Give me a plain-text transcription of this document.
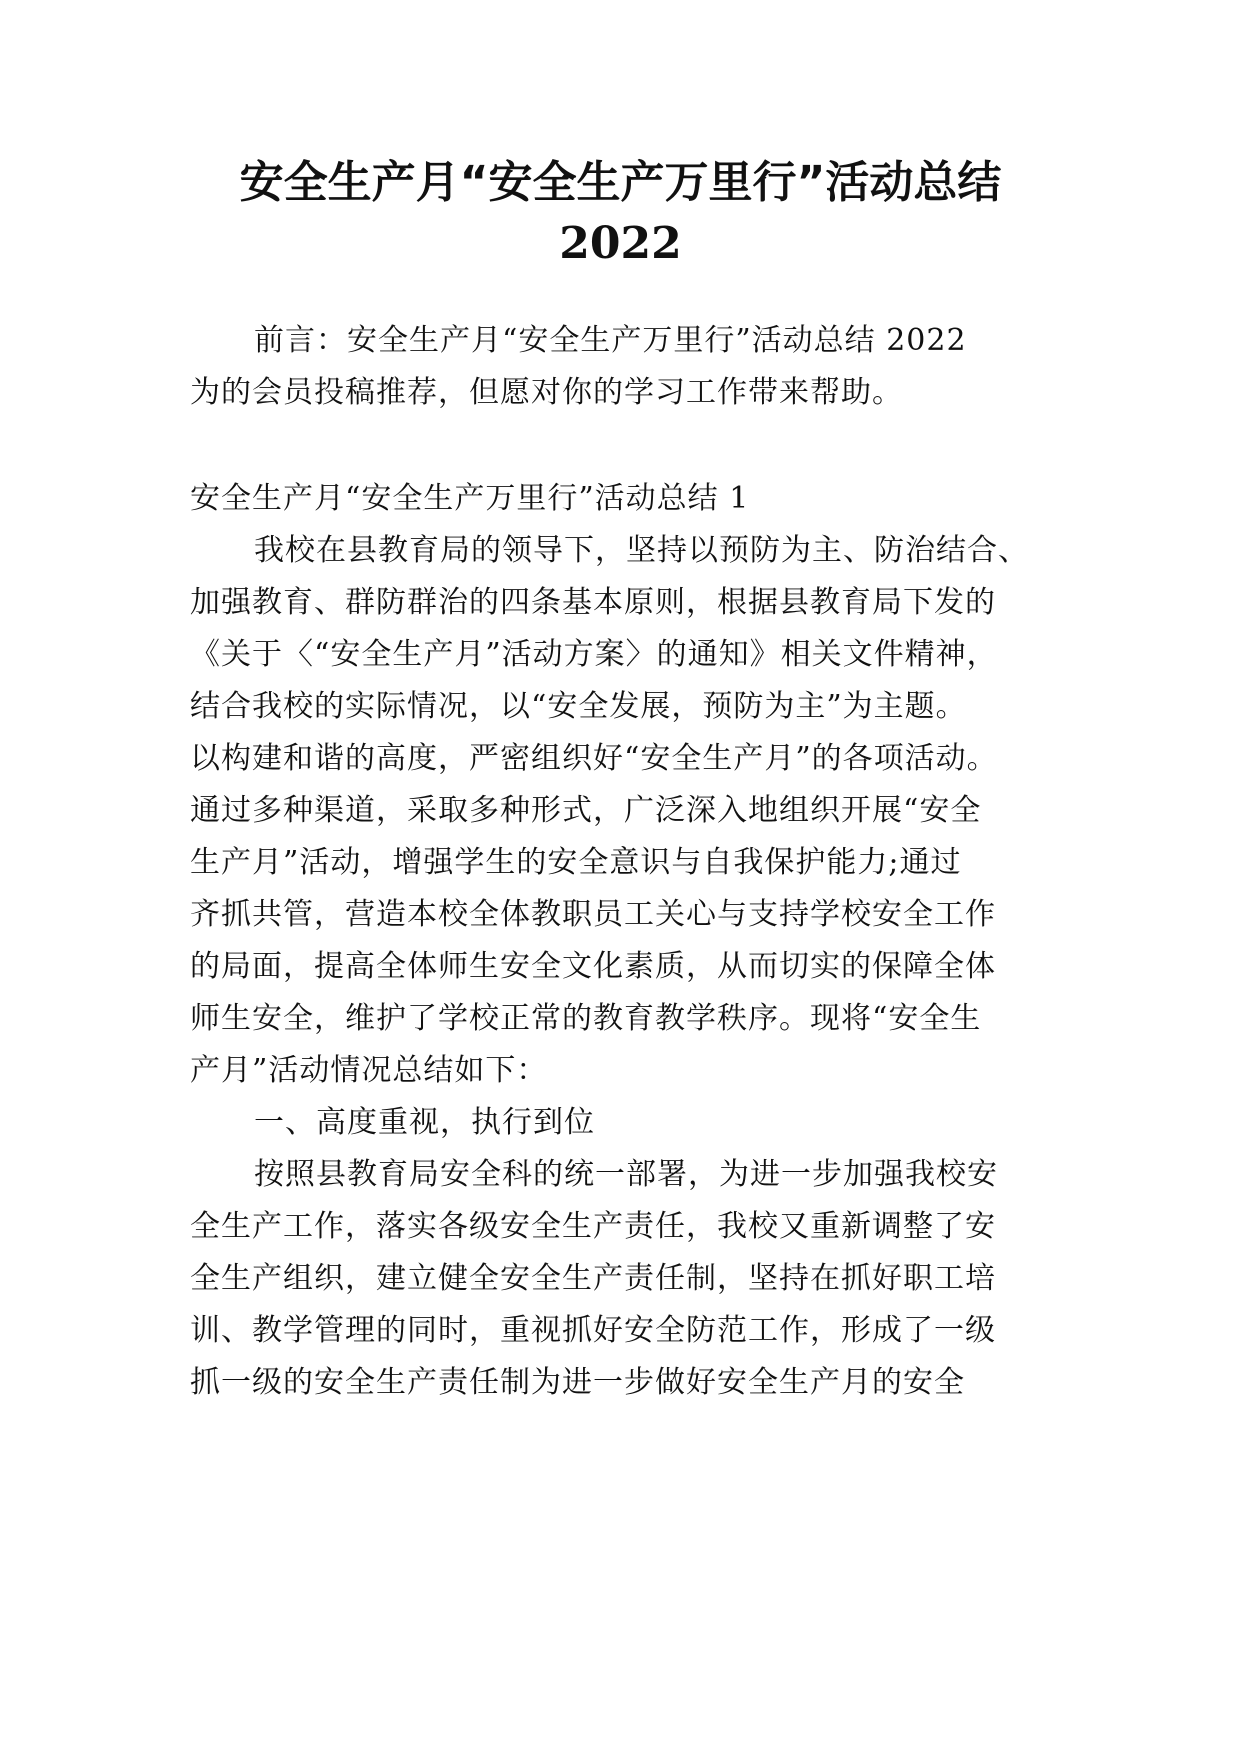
安全生产月“安全生产万里行”活动总结
2022
前言：安全生产月“安全生产万里行”活动总结 2022
为的会员投稿推荐，但愿对你的学习工作带来帮助。
安全生产月“安全生产万里行”活动总结 1
我校在县教育局的领导下，坚持以预防为主、防治结合、
加强教育、群防群治的四条基本原则，根据县教育局下发的
《关于〈“安全生产月”活动方案〉的通知》相关文件精神，
结合我校的实际情况，以“安全发展，预防为主”为主题。
以构建和谐的高度，严密组织好“安全生产月”的各项活动。
通过多种渠道，采取多种形式，广泛深入地组织开展“安全
生产月”活动，增强学生的安全意识与自我保护能力;通过
齐抓共管，营造本校全体教职员工关心与支持学校安全工作
的局面，提高全体师生安全文化素质，从而切实的保障全体
师生安全，维护了学校正常的教育教学秩序。现将“安全生
产月”活动情况总结如下：
一、高度重视，执行到位
按照县教育局安全科的统一部署，为进一步加强我校安
全生产工作，落实各级安全生产责任，我校又重新调整了安
全生产组织，建立健全安全生产责任制，坚持在抓好职工培
训、教学管理的同时，重视抓好安全防范工作，形成了一级
抓一级的安全生产责任制为进一步做好安全生产月的安全
